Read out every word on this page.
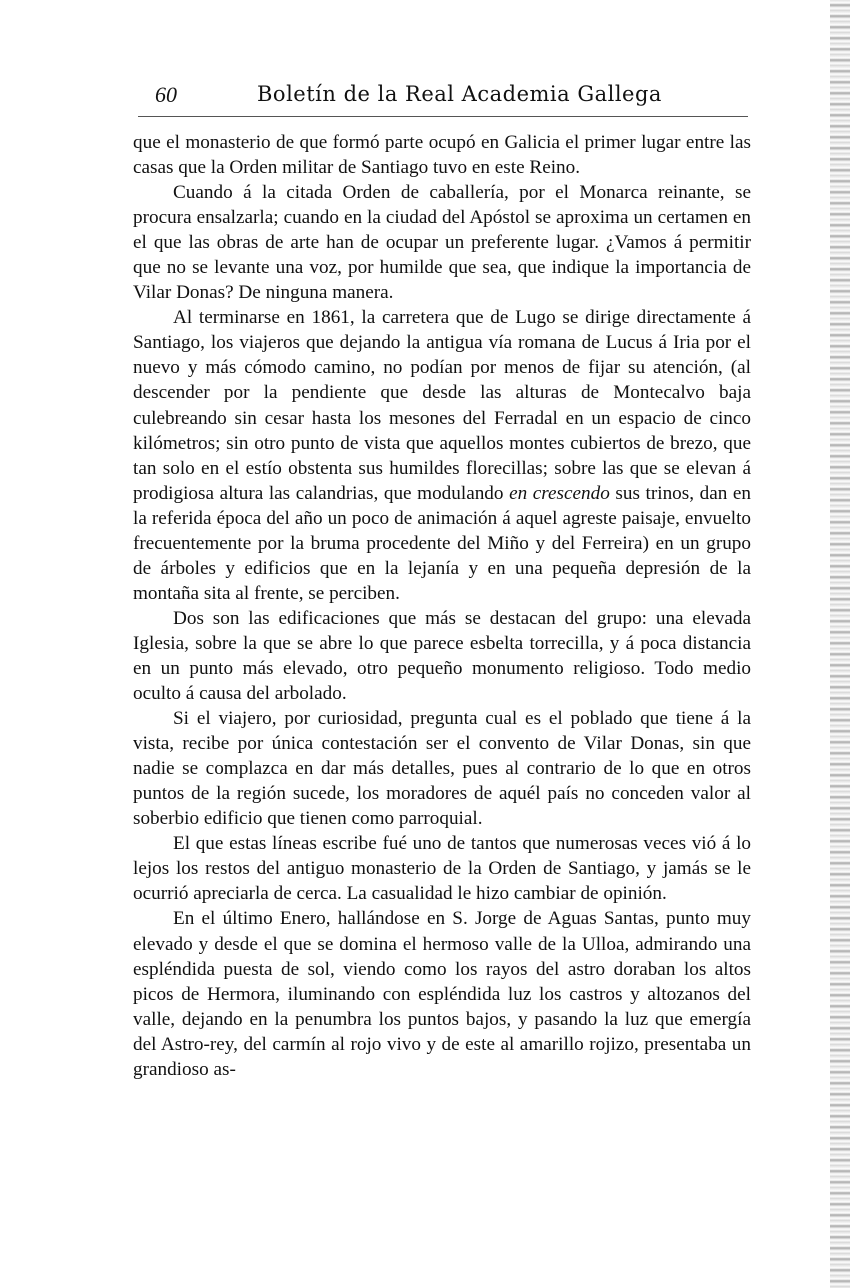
60	Boletín de la Real Academia Gallega

que el monasterio de que formó parte ocupó en Galicia el primer lugar entre las casas que la Orden militar de Santiago tuvo en este Reino.

Cuando á la citada Orden de caballería, por el Monarca reinante, se procura ensalzarla; cuando en la ciudad del Apóstol se aproxima un certamen en el que las obras de arte han de ocupar un preferente lugar. ¿Vamos á permitir que no se levante una voz, por humilde que sea, que indique la importancia de Vilar Donas? De ninguna manera.

Al terminarse en 1861, la carretera que de Lugo se dirige directamente á Santiago, los viajeros que dejando la antigua vía romana de Lucus á Iria por el nuevo y más cómodo camino, no podían por menos de fijar su atención, (al descender por la pendiente que desde las alturas de Montecalvo baja culebreando sin cesar hasta los mesones del Ferradal en un espacio de cinco kilómetros; sin otro punto de vista que aquellos montes cubiertos de brezo, que tan solo en el estío obstenta sus humildes florecillas; sobre las que se elevan á prodigiosa altura las calandrias, que modulando en crescendo sus trinos, dan en la referida época del año un poco de animación á aquel agreste paisaje, envuelto frecuentemente por la bruma procedente del Miño y del Ferreira) en un grupo de árboles y edificios que en la lejanía y en una pequeña depresión de la montaña sita al frente, se perciben.

Dos son las edificaciones que más se destacan del grupo: una elevada Iglesia, sobre la que se abre lo que parece esbelta torrecilla, y á poca distancia en un punto más elevado, otro pequeño monumento religioso. Todo medio oculto á causa del arbolado.

Si el viajero, por curiosidad, pregunta cual es el poblado que tiene á la vista, recibe por única contestación ser el convento de Vilar Donas, sin que nadie se complazca en dar más detalles, pues al contrario de lo que en otros puntos de la región sucede, los moradores de aquél país no conceden valor al soberbio edificio que tienen como parroquial.

El que estas líneas escribe fué uno de tantos que numerosas veces vió á lo lejos los restos del antiguo monasterio de la Orden de Santiago, y jamás se le ocurrió apreciarla de cerca. La casualidad le hizo cambiar de opinión.

En el último Enero, hallándose en S. Jorge de Aguas Santas, punto muy elevado y desde el que se domina el hermoso valle de la Ulloa, admirando una espléndida puesta de sol, viendo como los rayos del astro doraban los altos picos de Hermora, iluminando con espléndida luz los castros y altozanos del valle, dejando en la penumbra los puntos bajos, y pasando la luz que emergía del Astro-rey, del carmín al rojo vivo y de este al amarillo rojizo, presentaba un grandioso as-
